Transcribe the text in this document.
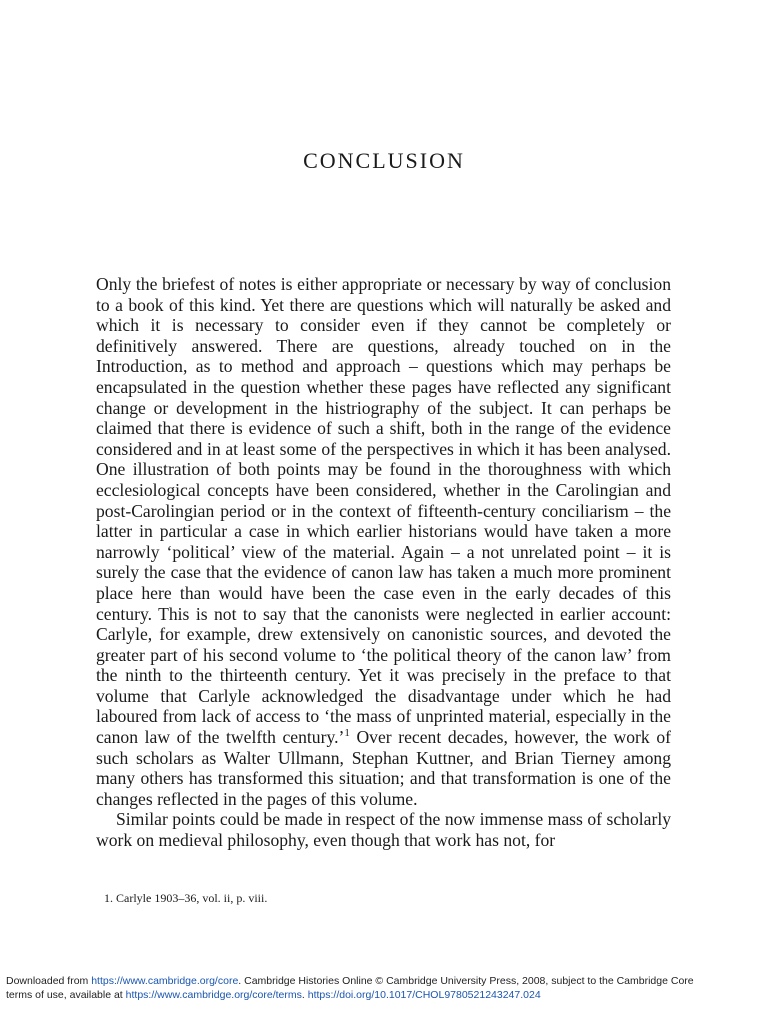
CONCLUSION

Only the briefest of notes is either appropriate or necessary by way of conclusion to a book of this kind. Yet there are questions which will naturally be asked and which it is necessary to consider even if they cannot be completely or definitively answered. There are questions, already touched on in the Introduction, as to method and approach – questions which may perhaps be encapsulated in the question whether these pages have reflected any significant change or development in the histriography of the subject. It can perhaps be claimed that there is evidence of such a shift, both in the range of the evidence considered and in at least some of the perspectives in which it has been analysed. One illustration of both points may be found in the thoroughness with which ecclesiological concepts have been considered, whether in the Carolingian and post-Carolingian period or in the context of fifteenth-century conciliarism – the latter in particular a case in which earlier historians would have taken a more narrowly ‘political’ view of the material. Again – a not unrelated point – it is surely the case that the evidence of canon law has taken a much more prominent place here than would have been the case even in the early decades of this century. This is not to say that the canonists were neglected in earlier account: Carlyle, for example, drew extensively on canonistic sources, and devoted the greater part of his second volume to ‘the political theory of the canon law’ from the ninth to the thirteenth century. Yet it was precisely in the preface to that volume that Carlyle acknowledged the disadvantage under which he had laboured from lack of access to ‘the mass of unprinted material, especially in the canon law of the twelfth century.’$^1$ Over recent decades, however, the work of such scholars as Walter Ullmann, Stephan Kuttner, and Brian Tierney among many others has transformed this situation; and that transformation is one of the changes reflected in the pages of this volume.

Similar points could be made in respect of the now immense mass of scholarly work on medieval philosophy, even though that work has not, for

1. Carlyle 1903–36, vol. ii, p. viii.
Downloaded from https://www.cambridge.org/core. Cambridge Histories Online © Cambridge University Press, 2008, subject to the Cambridge Core
terms of use, available at https://www.cambridge.org/core/terms. https://doi.org/10.1017/CHOL9780521243247.024
